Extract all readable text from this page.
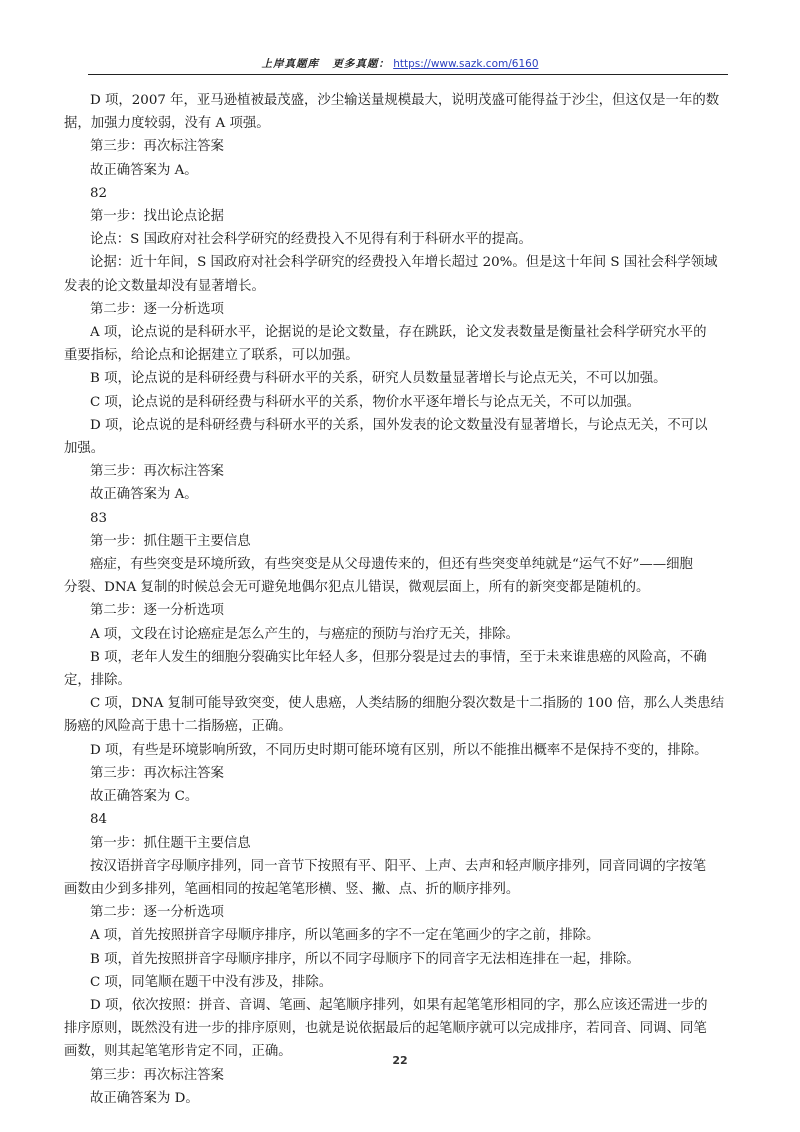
上岸真题库 更多真题： https://www.sazk.com/6160
D 项，2007 年，亚马逊植被最茂盛，沙尘输送量规模最大，说明茂盛可能得益于沙尘，但这仅是一年的数
据，加强力度较弱，没有 A 项强。
第三步：再次标注答案
故正确答案为 A。
82
第一步：找出论点论据
论点：S 国政府对社会科学研究的经费投入不见得有利于科研水平的提高。
论据：近十年间，S 国政府对社会科学研究的经费投入年增长超过 20%。但是这十年间 S 国社会科学领域
发表的论文数量却没有显著增长。
第二步：逐一分析选项
A 项，论点说的是科研水平，论据说的是论文数量，存在跳跃，论文发表数量是衡量社会科学研究水平的
重要指标，给论点和论据建立了联系，可以加强。
B 项，论点说的是科研经费与科研水平的关系，研究人员数量显著增长与论点无关，不可以加强。
C 项，论点说的是科研经费与科研水平的关系，物价水平逐年增长与论点无关，不可以加强。
D 项，论点说的是科研经费与科研水平的关系，国外发表的论文数量没有显著增长，与论点无关，不可以
加强。
第三步：再次标注答案
故正确答案为 A。
83
第一步：抓住题干主要信息
癌症，有些突变是环境所致，有些突变是从父母遗传来的，但还有些突变单纯就是“运气不好”——细胞
分裂、DNA 复制的时候总会无可避免地偶尔犯点儿错误，微观层面上，所有的新突变都是随机的。
第二步：逐一分析选项
A 项，文段在讨论癌症是怎么产生的，与癌症的预防与治疗无关，排除。
B 项，老年人发生的细胞分裂确实比年轻人多，但那分裂是过去的事情，至于未来谁患癌的风险高，不确
定，排除。
C 项，DNA 复制可能导致突变，使人患癌，人类结肠的细胞分裂次数是十二指肠的 100 倍，那么人类患结
肠癌的风险高于患十二指肠癌，正确。
D 项，有些是环境影响所致，不同历史时期可能环境有区别，所以不能推出概率不是保持不变的，排除。
第三步：再次标注答案
故正确答案为 C。
84
第一步：抓住题干主要信息
按汉语拼音字母顺序排列，同一音节下按照有平、阳平、上声、去声和轻声顺序排列，同音同调的字按笔
画数由少到多排列，笔画相同的按起笔笔形横、竖、撇、点、折的顺序排列。
第二步：逐一分析选项
A 项，首先按照拼音字母顺序排序，所以笔画多的字不一定在笔画少的字之前，排除。
B 项，首先按照拼音字母顺序排序，所以不同字母顺序下的同音字无法相连排在一起，排除。
C 项，同笔顺在题干中没有涉及，排除。
D 项，依次按照：拼音、音调、笔画、起笔顺序排列，如果有起笔笔形相同的字，那么应该还需进一步的
排序原则，既然没有进一步的排序原则，也就是说依据最后的起笔顺序就可以完成排序，若同音、同调、同笔
画数，则其起笔笔形肯定不同，正确。
第三步：再次标注答案
故正确答案为 D。
22
